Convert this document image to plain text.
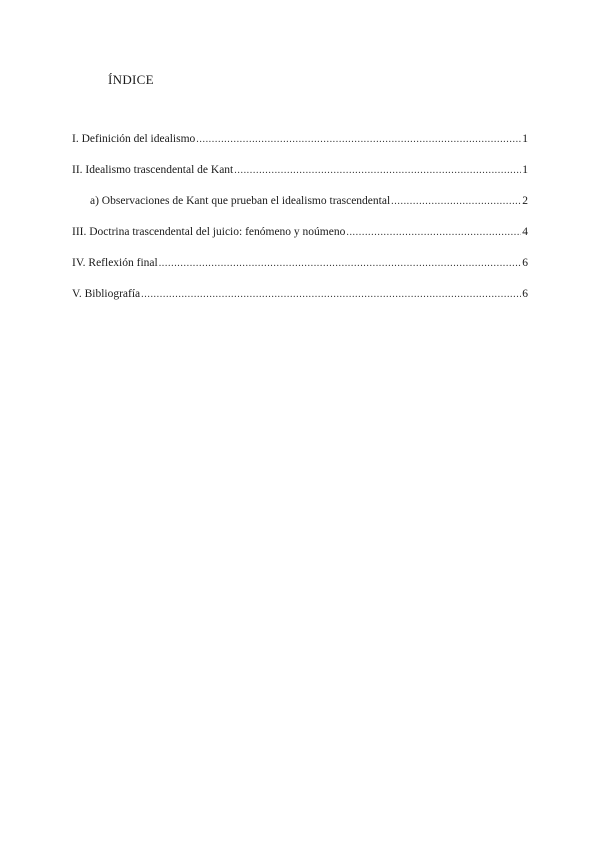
ÍNDICE
I. Definición del idealismo .....	1
II. Idealismo trascendental de Kant .....	1
a) Observaciones de Kant que prueban el idealismo trascendental .....	2
III. Doctrina trascendental del juicio: fenómeno y noúmeno .....	4
IV. Reflexión final .....	6
V. Bibliografía .....	6
